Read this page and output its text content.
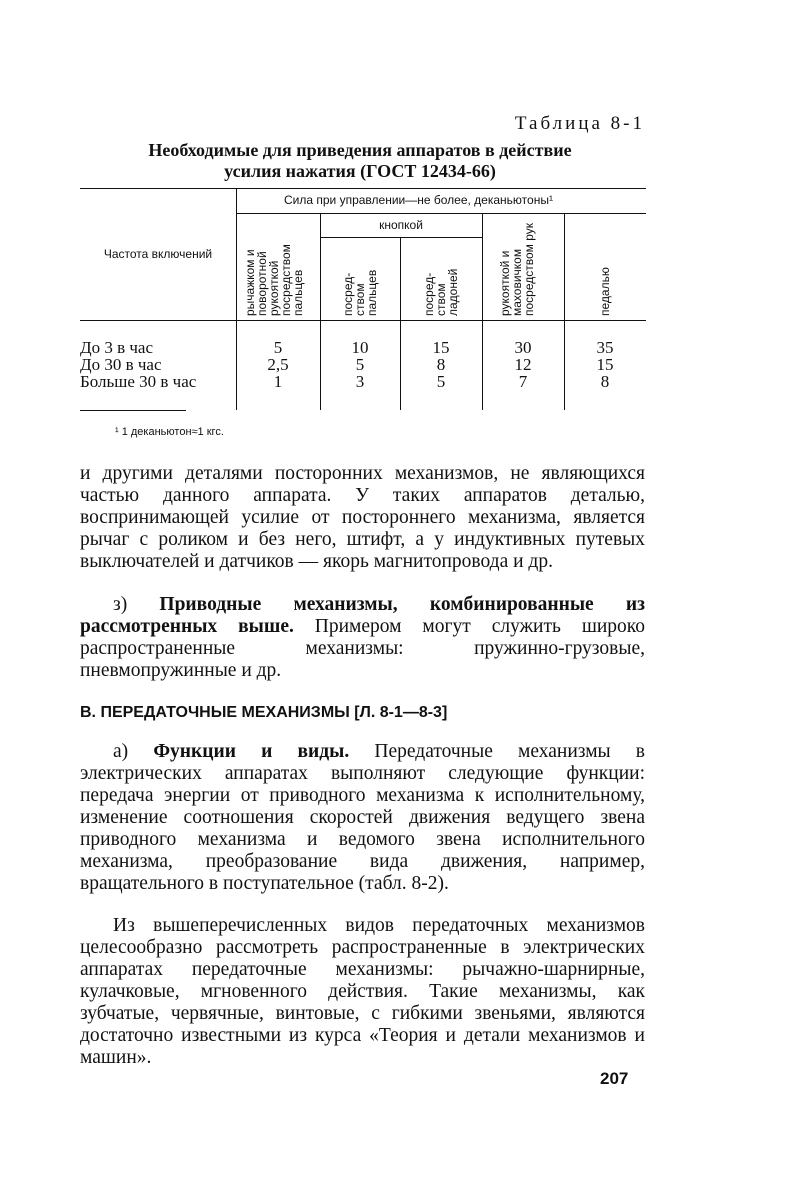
Таблица 8-1
Необходимые для приведения аппаратов в действие
усилия нажатия (ГОСТ 12434-66)
Сила при управлении—не более, деканьютоны¹
Частота включений
кнопкой
рычажком и поворотной рукояткой посредством пальцев	посред- ством пальцев	посред- ством ладоней	рукояткой и маховичком посредством рук	педалью
До 3 в час	5	10	15	30	35
До 30 в час	2,5	5	8	12	15
Больше 30 в час	1	3	5	7	8
¹ 1 деканьютон≈1 кгс.

и другими деталями посторонних механизмов, не являющихся частью данного аппарата. У таких аппаратов деталью, воспринимающей усилие от постороннего механизма, является рычаг с роликом и без него, штифт, а у индуктивных путевых выключателей и датчиков — якорь магнитопровода и др.

з) Приводные механизмы, комбинированные из рассмотренных выше. Примером могут служить широко распространенные механизмы: пружинно-грузовые, пневмопружинные и др.

В. ПЕРЕДАТОЧНЫЕ МЕХАНИЗМЫ [Л. 8-1—8-3]

а) Функции и виды. Передаточные механизмы в электрических аппаратах выполняют следующие функции: передача энергии от приводного механизма к исполнительному, изменение соотношения скоростей движения ведущего звена приводного механизма и ведомого звена исполнительного механизма, преобразование вида движения, например, вращательного в поступательное (табл. 8-2).

Из вышеперечисленных видов передаточных механизмов целесообразно рассмотреть распространенные в электрических аппаратах передаточные механизмы: рычажно-шарнирные, кулачковые, мгновенного действия. Такие механизмы, как зубчатые, червячные, винтовые, с гибкими звеньями, являются достаточно известными из курса «Теория и детали механизмов и машин».

207
